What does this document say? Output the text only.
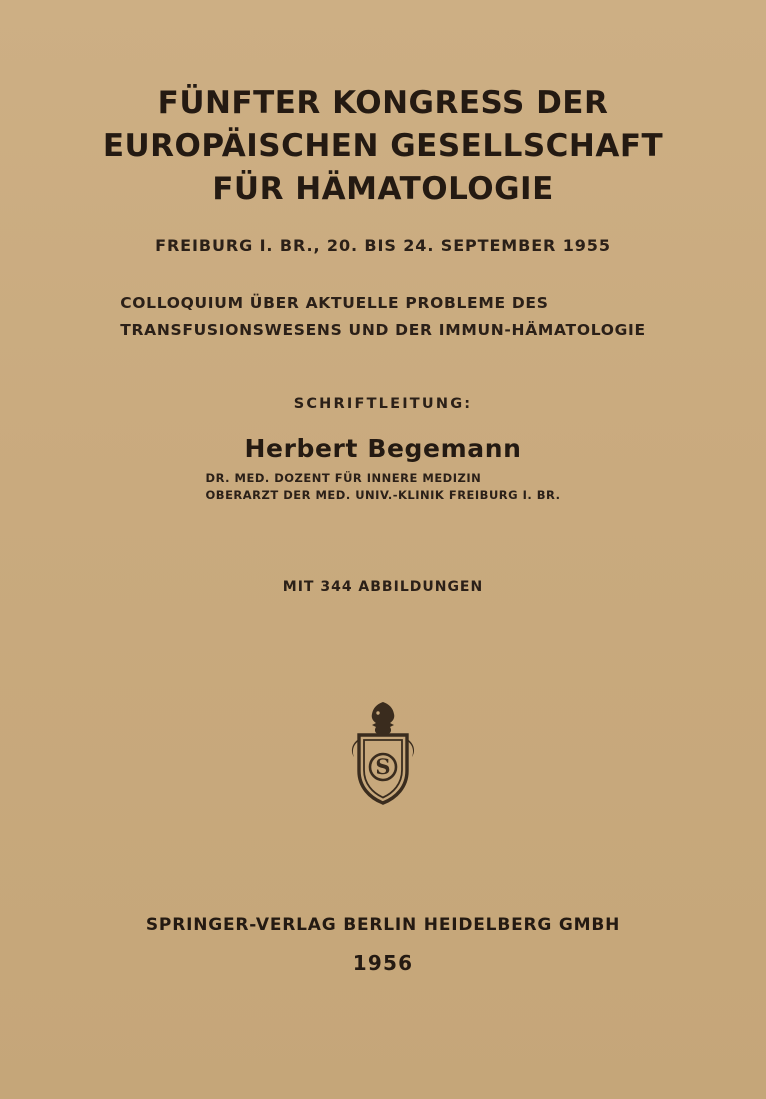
FÜNFTER KONGRESS DER
EUROPÄISCHEN GESELLSCHAFT
FÜR HÄMATOLOGIE
FREIBURG I. BR., 20. BIS 24. SEPTEMBER 1955
COLLOQUIUM ÜBER AKTUELLE PROBLEME DES
TRANSFUSIONSWESENS UND DER IMMUN-HÄMATOLOGIE
SCHRIFTLEITUNG:
Herbert Begemann
DR. MED. DOZENT FÜR INNERE MEDIZIN
OBERARZT DER MED. UNIV.-KLINIK FREIBURG I. BR.
MIT 344 ABBILDUNGEN
S
SPRINGER-VERLAG BERLIN HEIDELBERG GMBH
1956
